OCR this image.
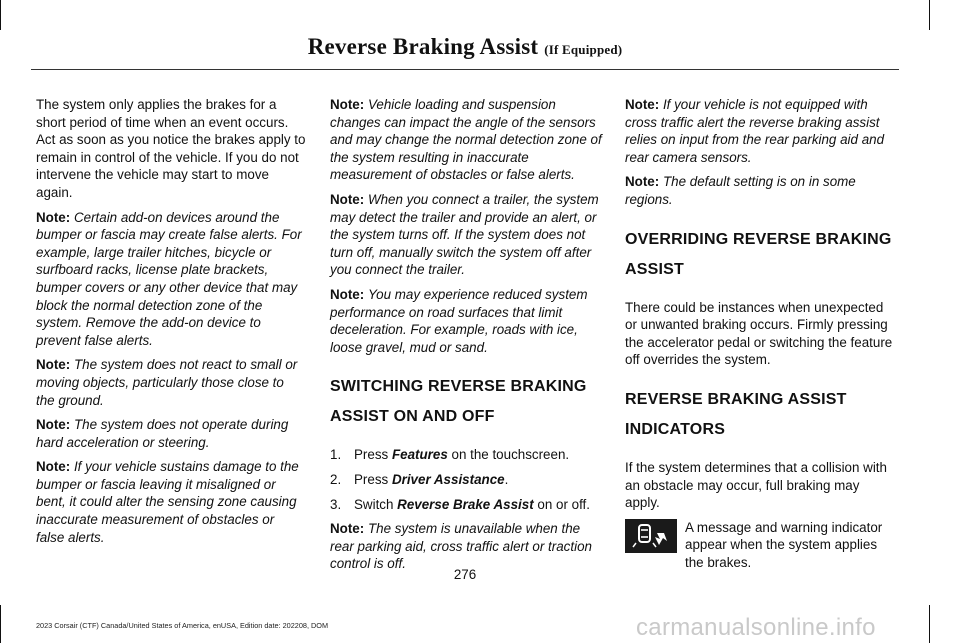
Reverse Braking Assist (If Equipped)

The system only applies the brakes for a short period of time when an event occurs. Act as soon as you notice the brakes apply to remain in control of the vehicle. If you do not intervene the vehicle may start to move again.

Note: Certain add-on devices around the bumper or fascia may create false alerts. For example, large trailer hitches, bicycle or surfboard racks, license plate brackets, bumper covers or any other device that may block the normal detection zone of the system. Remove the add-on device to prevent false alerts.

Note: The system does not react to small or moving objects, particularly those close to the ground.

Note: The system does not operate during hard acceleration or steering.

Note: If your vehicle sustains damage to the bumper or fascia leaving it misaligned or bent, it could alter the sensing zone causing inaccurate measurement of obstacles or false alerts.

Note: Vehicle loading and suspension changes can impact the angle of the sensors and may change the normal detection zone of the system resulting in inaccurate measurement of obstacles or false alerts.

Note: When you connect a trailer, the system may detect the trailer and provide an alert, or the system turns off. If the system does not turn off, manually switch the system off after you connect the trailer.

Note: You may experience reduced system performance on road surfaces that limit deceleration. For example, roads with ice, loose gravel, mud or sand.

SWITCHING REVERSE BRAKING
ASSIST ON AND OFF
1. Press Features on the touchscreen.
2. Press Driver Assistance.
3. Switch Reverse Brake Assist on or off.

Note: The system is unavailable when the rear parking aid, cross traffic alert or traction control is off.

Note: If your vehicle is not equipped with cross traffic alert the reverse braking assist relies on input from the rear parking aid and rear camera sensors.

Note: The default setting is on in some regions.

OVERRIDING REVERSE BRAKING
ASSIST

There could be instances when unexpected or unwanted braking occurs. Firmly pressing the accelerator pedal or switching the feature off overrides the system.

REVERSE BRAKING ASSIST
INDICATORS

If the system determines that a collision with an obstacle may occur, full braking may apply.

A message and warning indicator appear when the system applies the brakes.
276
2023 Corsair (CTF) Canada/United States of America, enUSA, Edition date: 202208, DOM	carmanualsonline.info
